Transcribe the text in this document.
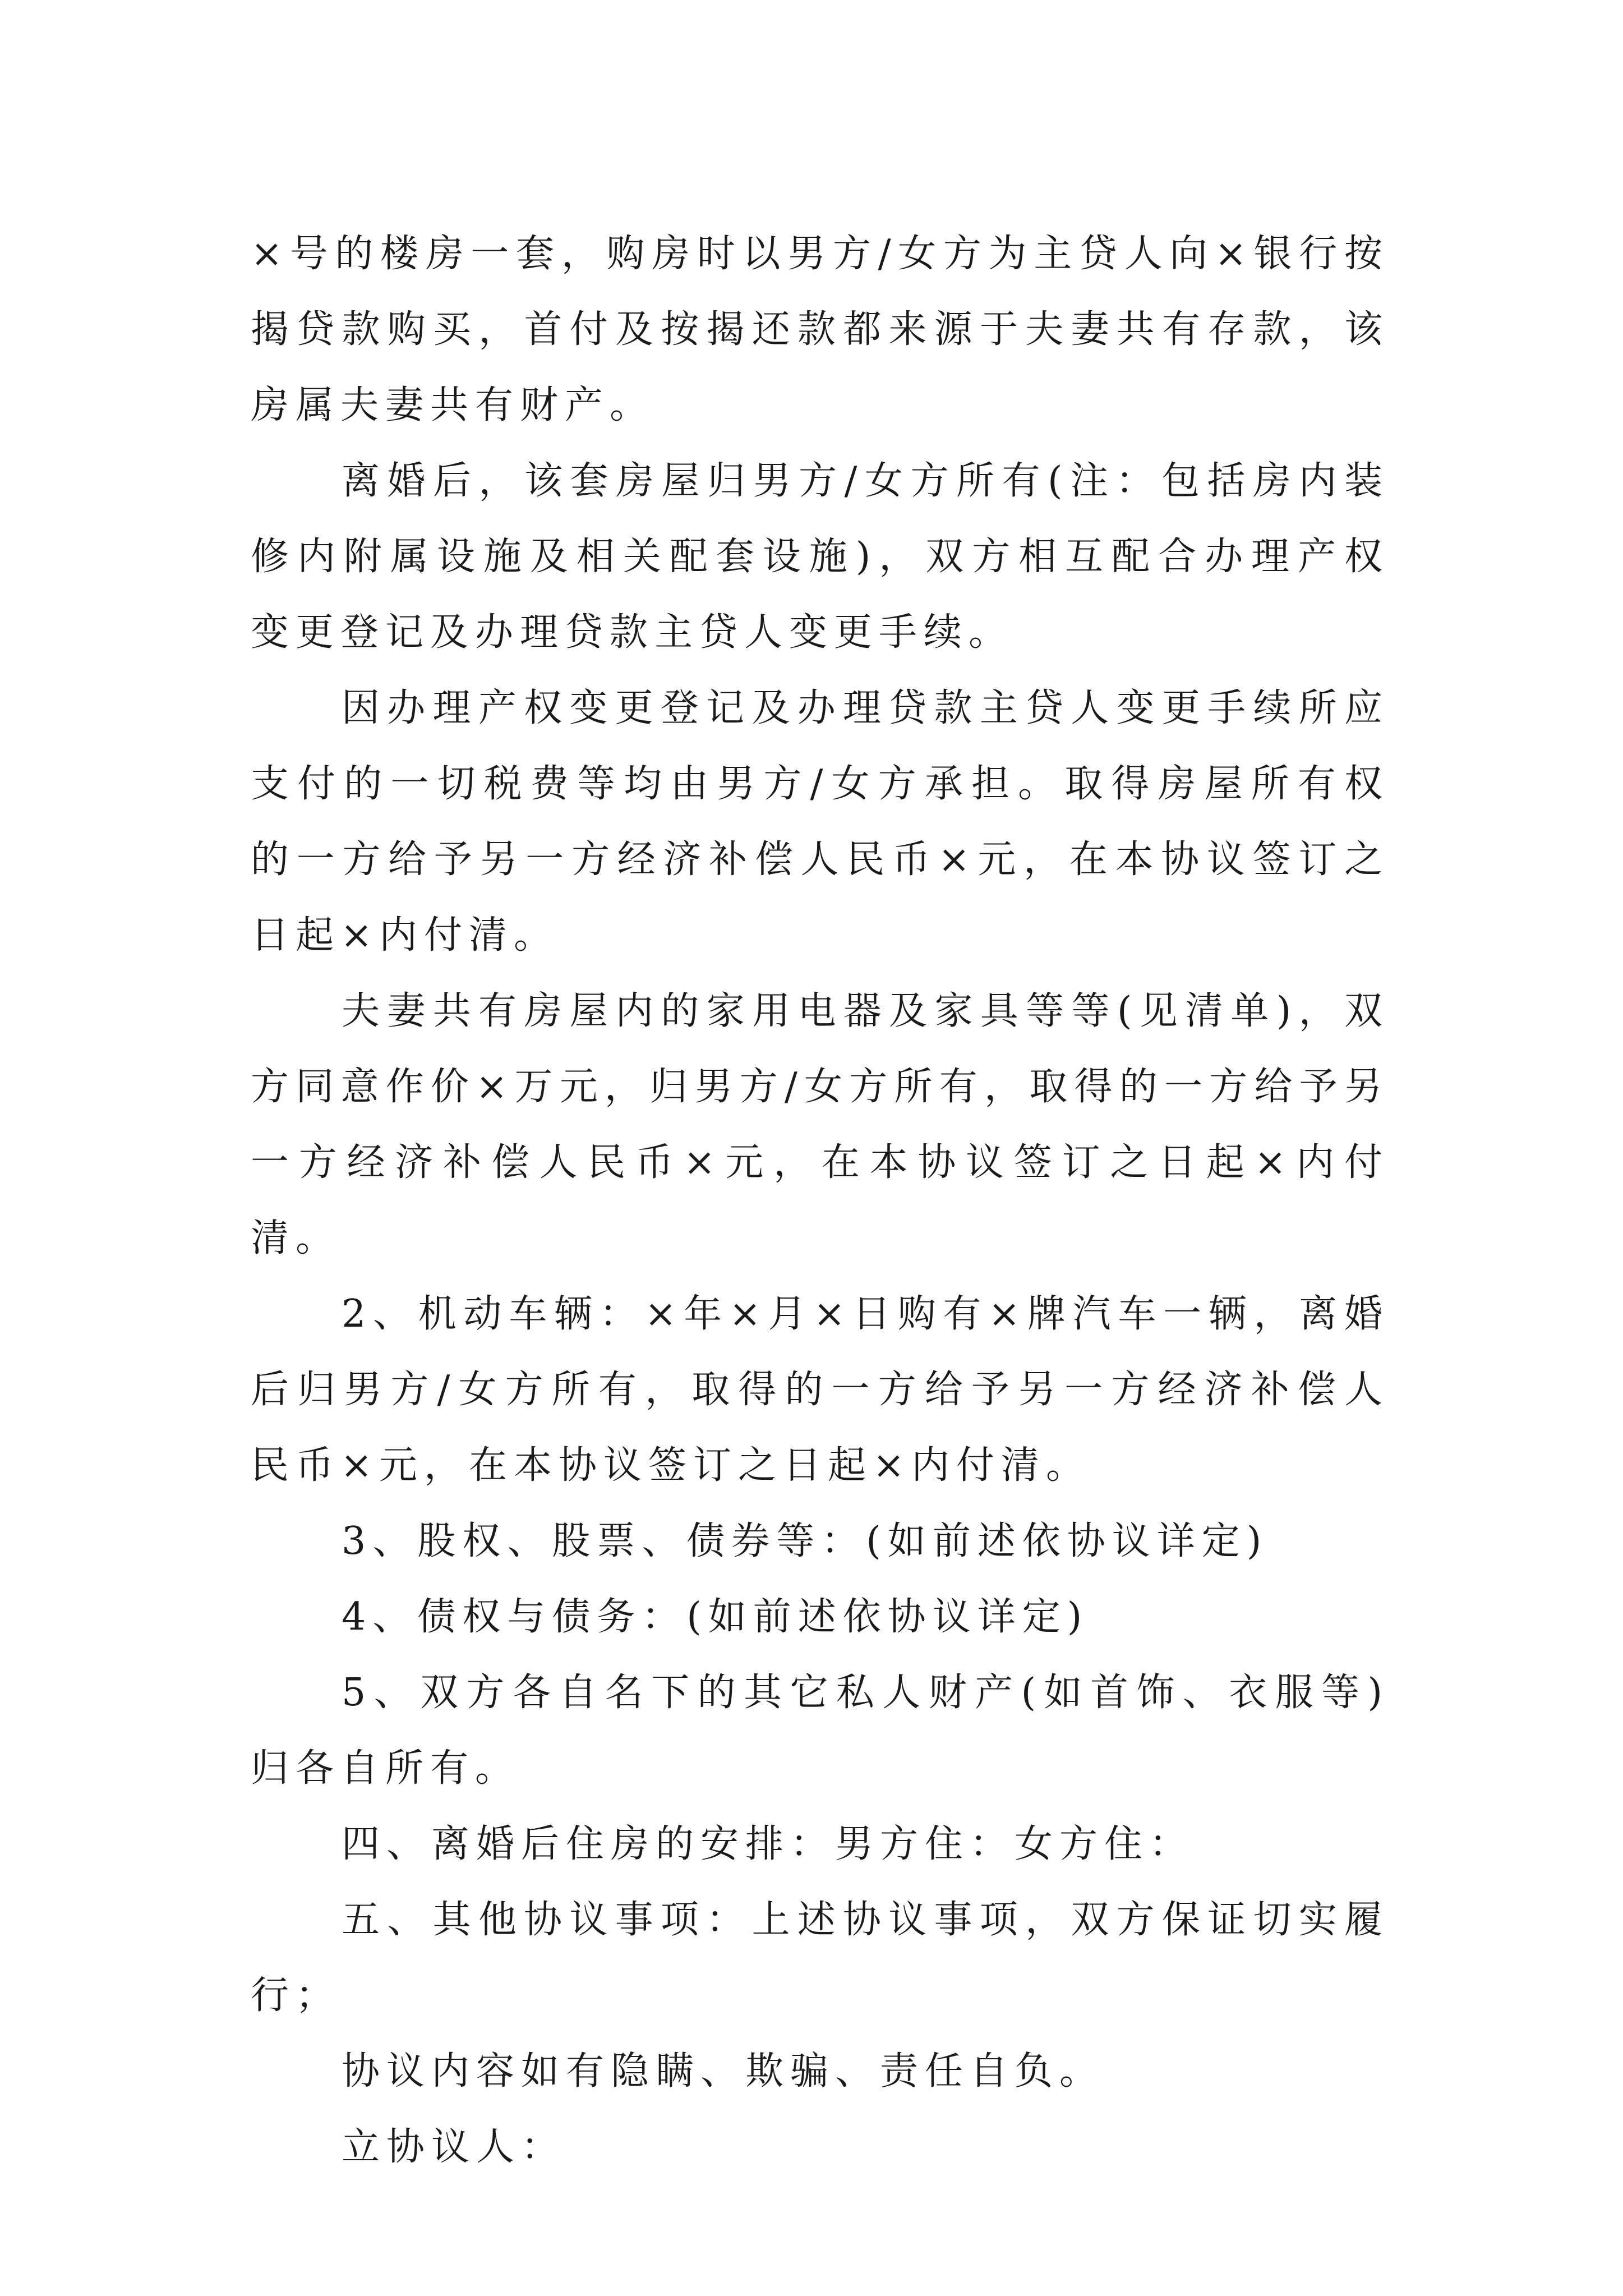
×号的楼房一套，购房时以男方/女方为主贷人向×银行按揭贷款购买，首付及按揭还款都来源于夫妻共有存款，该房属夫妻共有财产。

离婚后，该套房屋归男方/女方所有(注：包括房内装修内附属设施及相关配套设施)，双方相互配合办理产权变更登记及办理贷款主贷人变更手续。

因办理产权变更登记及办理贷款主贷人变更手续所应支付的一切税费等均由男方/女方承担。取得房屋所有权的一方给予另一方经济补偿人民币×元，在本协议签订之日起×内付清。

夫妻共有房屋内的家用电器及家具等等(见清单)，双方同意作价×万元，归男方/女方所有，取得的一方给予另一方经济补偿人民币×元，在本协议签订之日起×内付清。

2、机动车辆：×年×月×日购有×牌汽车一辆，离婚后归男方/女方所有，取得的一方给予另一方经济补偿人民币×元，在本协议签订之日起×内付清。

3、股权、股票、债券等：(如前述依协议详定)

4、债权与债务：(如前述依协议详定)

5、双方各自名下的其它私人财产(如首饰、衣服等)归各自所有。

四、离婚后住房的安排：男方住：女方住：

五、其他协议事项：上述协议事项，双方保证切实履行；

协议内容如有隐瞒、欺骗、责任自负。

立协议人：
